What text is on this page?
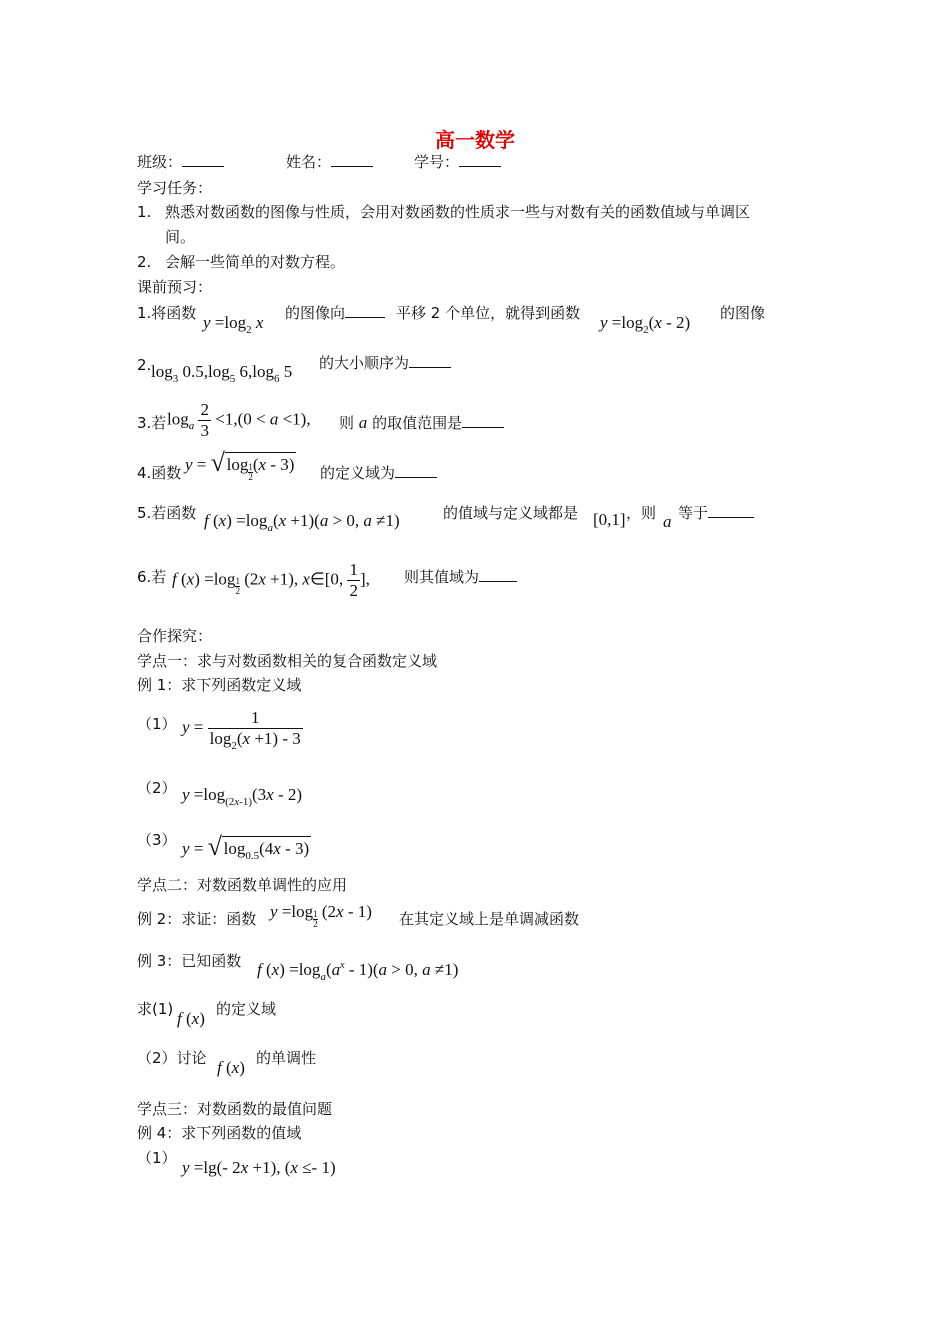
高一数学
班级：	姓名：	学号：
学习任务：
1. 熟悉对数函数的图像与性质，会用对数函数的性质求一些与对数有关的函数值域与单调区
间。
2. 会解一些简单的对数方程。
课前预习：
1.将函数 $y =\log_2$ x 的图像向	平移 2 个单位，就得到函数 $y =\log_2(x - 2)$ 的图像
2. $\log_3 0.5,\log_5$ $6,\log_6$ 5 的大小顺序为
3.若 $\log_a \frac{2}{3} <1,(0 < a <1)$, 则 a 的取值范围是
4.函数 y = √ $\log \frac{1}{2} (x - 3)$ 的定义域为
5.若函数 f $(x) =\log_a(x +1)(a > 0$, a ≠1)	的值域与定义域都是 [0,1] ，则 a 等于
6.若 f $(x) =\log \frac{1}{2} (2x +1)$, x∈[0, $\frac{1}{2}$ ], 则其值域为
合作探究：
学点一：求与对数函数相关的复合函数定义域
例 1：求下列函数定义域
（1） $y = \frac{1}{\log_2(x +1) - 3}$
（2） $y =\log_{(2x-1)}(3x - 2)$
（3） y = √ $\log_{0.5}(4x - 3)$
学点二：对数函数单调性的应用
例 2：求证：函数 $y =\log \frac{1}{2} (2x - 1)$ 在其定义域上是单调减函数
例 3：已知函数 f $(x) =\log_a(a^x - 1)(a > 0$, a ≠1)
求(1) f (x) 的定义域
（2）讨论 f (x) 的单调性
学点三：对数函数的最值问题
例 4：求下列函数的值域
（1） y =lg(- 2x +1), (x ≤- 1)
